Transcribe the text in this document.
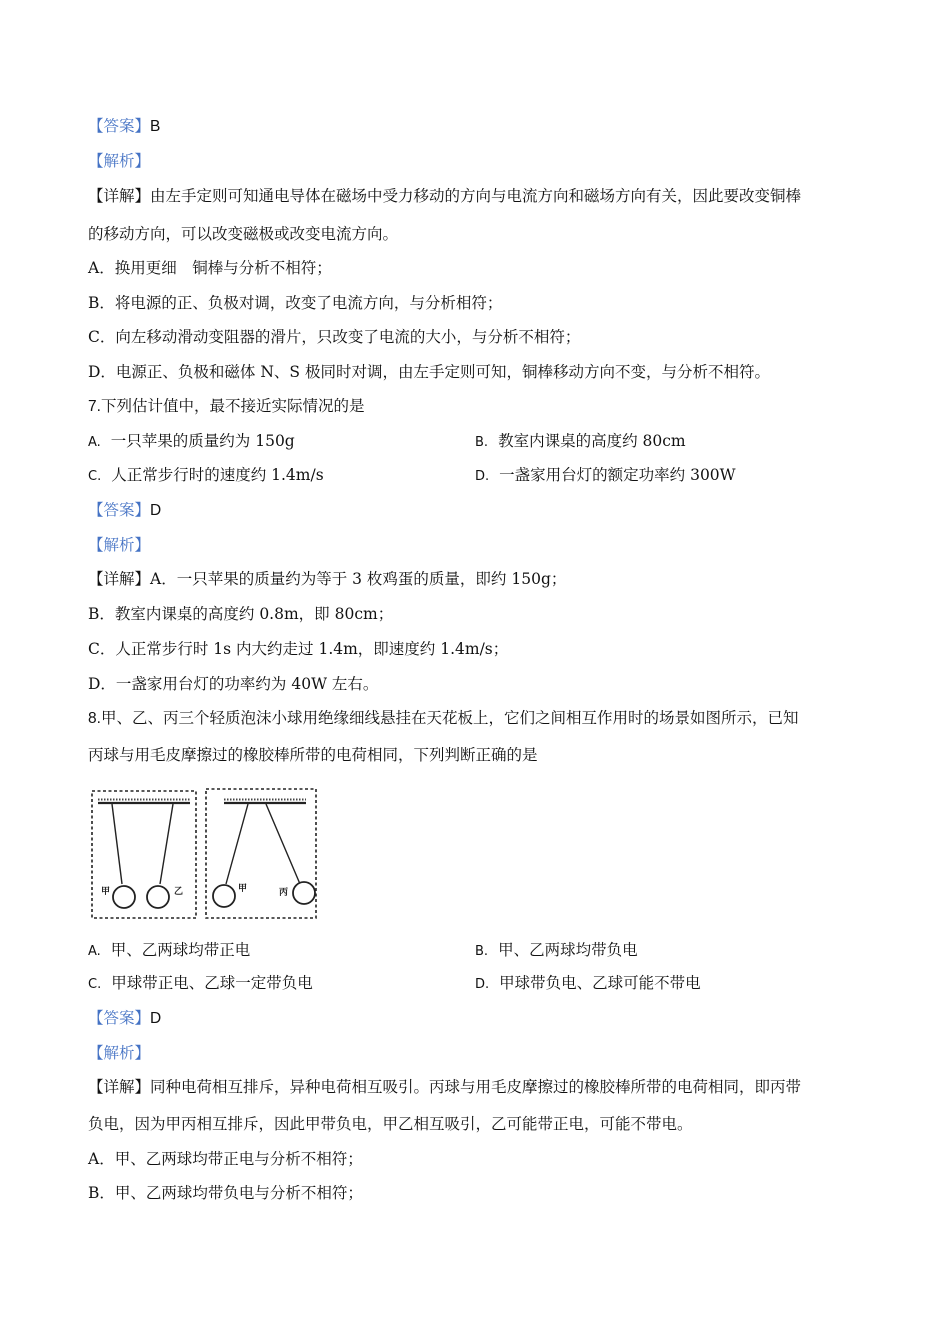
【答案】B
【解析】
【详解】由左手定则可知通电导体在磁场中受力移动的方向与电流方向和磁场方向有关，因此要改变铜棒
的移动方向，可以改变磁极或改变电流方向。
A．换用更细　铜棒与分析不相符；
B．将电源的正、负极对调，改变了电流方向，与分析相符；
C．向左移动滑动变阻器的滑片，只改变了电流的大小，与分析不相符；
D．电源正、负极和磁体 N、S 极同时对调，由左手定则可知，铜棒移动方向不变，与分析不相符。
7.下列估计值中，最不接近实际情况的是
A. 一只苹果的质量约为 150g	B. 教室内课桌的高度约 80cm
C. 人正常步行时的速度约 1.4m/s	D. 一盏家用台灯的额定功率约 300W
【答案】D
【解析】
【详解】A．一只苹果的质量约为等于 3 枚鸡蛋的质量，即约 150g；
B．教室内课桌的高度约 0.8m，即 80cm；
C．人正常步行时 1s 内大约走过 1.4m，即速度约 1.4m/s；
D．一盏家用台灯的功率约为 40W 左右。
8.甲、乙、丙三个轻质泡沫小球用绝缘细线悬挂在天花板上，它们之间相互作用时的场景如图所示，已知
丙球与用毛皮摩擦过的橡胶棒所带的电荷相同，下列判断正确的是
甲	乙	甲	丙
A. 甲、乙两球均带正电	B. 甲、乙两球均带负电
C. 甲球带正电、乙球一定带负电	D. 甲球带负电、乙球可能不带电
【答案】D
【解析】
【详解】同种电荷相互排斥，异种电荷相互吸引。丙球与用毛皮摩擦过的橡胶棒所带的电荷相同，即丙带
负电，因为甲丙相互排斥，因此甲带负电，甲乙相互吸引，乙可能带正电，可能不带电。
A．甲、乙两球均带正电与分析不相符；
B．甲、乙两球均带负电与分析不相符；
